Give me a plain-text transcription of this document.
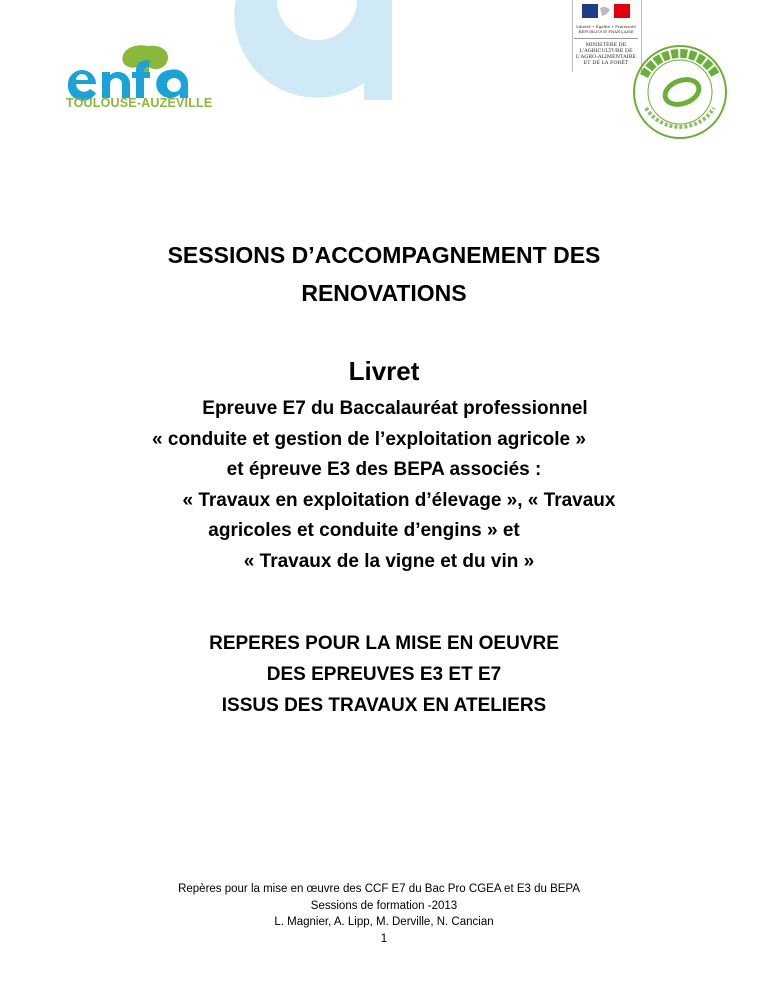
TOULOUSE-AUZEVILLE
Liberté • Égalité • Fraternité RÉPUBLIQUE FRANÇAISE
MINISTÈRE DE L'AGRICULTURE DE L'AGRO-ALIMENTAIRE ET DE LA FORÊT
SESSIONS D’ACCOMPAGNEMENT DES
RENOVATIONS
Livret
Epreuve E7 du Baccalauréat professionnel
« conduite et gestion de l’exploitation agricole »
et épreuve E3 des BEPA associés :
« Travaux en exploitation d’élevage », « Travaux
agricoles et conduite d’engins » et
« Travaux de la vigne et du vin »
REPERES POUR LA MISE EN OEUVRE
DES EPREUVES E3 ET E7
ISSUS DES TRAVAUX EN ATELIERS
Repères pour la mise en œuvre des CCF E7 du Bac Pro CGEA et E3 du BEPA
Sessions de formation -2013
L. Magnier, A. Lipp, M. Derville, N. Cancian
1
